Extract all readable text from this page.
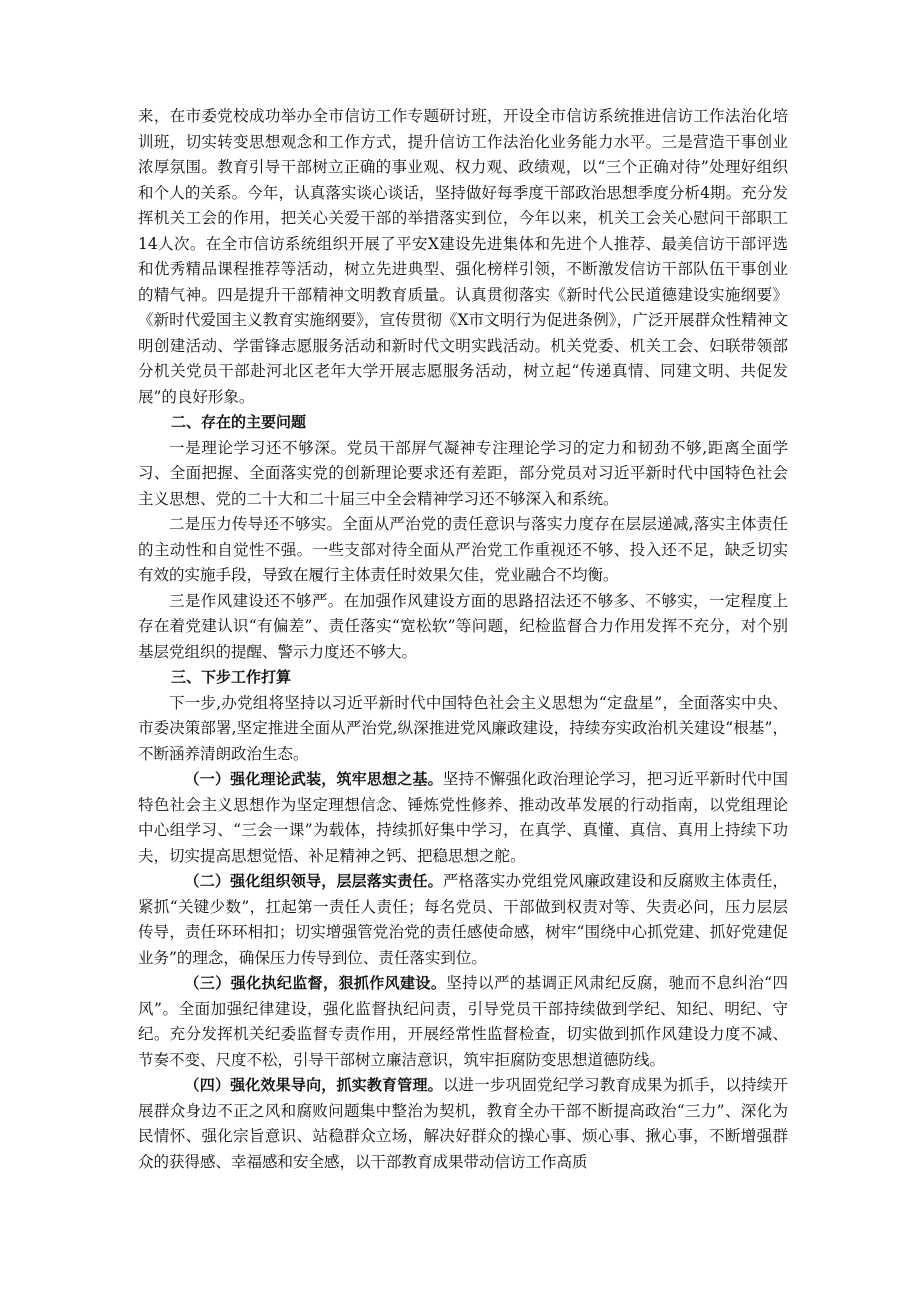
来，在市委党校成功举办全市信访工作专题研讨班，开设全市信访系统推进信访工作法治化培训班，切实转变思想观念和工作方式，提升信访工作法治化业务能力水平。三是营造干事创业浓厚氛围。教育引导干部树立正确的事业观、权力观、政绩观，以“三个正确对待”处理好组织和个人的关系。今年，认真落实谈心谈话，坚持做好每季度干部政治思想季度分析4期。充分发挥机关工会的作用，把关心关爱干部的举措落实到位，今年以来，机关工会关心慰问干部职工14人次。在全市信访系统组织开展了平安X建设先进集体和先进个人推荐、最美信访干部评选和优秀精品课程推荐等活动，树立先进典型、强化榜样引领，不断激发信访干部队伍干事创业的精气神。四是提升干部精神文明教育质量。认真贯彻落实《新时代公民道德建设实施纲要》《新时代爱国主义教育实施纲要》，宣传贯彻《X市文明行为促进条例》，广泛开展群众性精神文明创建活动、学雷锋志愿服务活动和新时代文明实践活动。机关党委、机关工会、妇联带领部分机关党员干部赴河北区老年大学开展志愿服务活动，树立起“传递真情、同建文明、共促发展”的良好形象。

二、存在的主要问题

一是理论学习还不够深。党员干部屏气凝神专注理论学习的定力和韧劲不够,距离全面学习、全面把握、全面落实党的创新理论要求还有差距，部分党员对习近平新时代中国特色社会主义思想、党的二十大和二十届三中全会精神学习还不够深入和系统。

二是压力传导还不够实。全面从严治党的责任意识与落实力度存在层层递减,落实主体责任的主动性和自觉性不强。一些支部对待全面从严治党工作重视还不够、投入还不足，缺乏切实有效的实施手段，导致在履行主体责任时效果欠佳，党业融合不均衡。

三是作风建设还不够严。在加强作风建设方面的思路招法还不够多、不够实，一定程度上存在着党建认识“有偏差”、责任落实“宽松软”等问题，纪检监督合力作用发挥不充分，对个别基层党组织的提醒、警示力度还不够大。

三、下步工作打算

下一步,办党组将坚持以习近平新时代中国特色社会主义思想为“定盘星”，全面落实中央、市委决策部署,坚定推进全面从严治党,纵深推进党风廉政建设，持续夯实政治机关建设“根基”，不断涵养清朗政治生态。

（一）强化理论武装，筑牢思想之基。坚持不懈强化政治理论学习，把习近平新时代中国特色社会主义思想作为坚定理想信念、锤炼党性修养、推动改革发展的行动指南，以党组理论中心组学习、“三会一课”为载体，持续抓好集中学习，在真学、真懂、真信、真用上持续下功夫，切实提高思想觉悟、补足精神之钙、把稳思想之舵。

（二）强化组织领导，层层落实责任。严格落实办党组党风廉政建设和反腐败主体责任，紧抓“关键少数”，扛起第一责任人责任；每名党员、干部做到权责对等、失责必问，压力层层传导，责任环环相扣；切实增强管党治党的责任感使命感，树牢“围绕中心抓党建、抓好党建促业务”的理念，确保压力传导到位、责任落实到位。

（三）强化执纪监督，狠抓作风建设。坚持以严的基调正风肃纪反腐，驰而不息纠治“四风”。全面加强纪律建设，强化监督执纪问责，引导党员干部持续做到学纪、知纪、明纪、守纪。充分发挥机关纪委监督专责作用，开展经常性监督检查，切实做到抓作风建设力度不减、节奏不变、尺度不松，引导干部树立廉洁意识，筑牢拒腐防变思想道德防线。

（四）强化效果导向，抓实教育管理。以进一步巩固党纪学习教育成果为抓手，以持续开展群众身边不正之风和腐败问题集中整治为契机，教育全办干部不断提高政治“三力”、深化为民情怀、强化宗旨意识、站稳群众立场，解决好群众的操心事、烦心事、揪心事，不断增强群众的获得感、幸福感和安全感，以干部教育成果带动信访工作高质
